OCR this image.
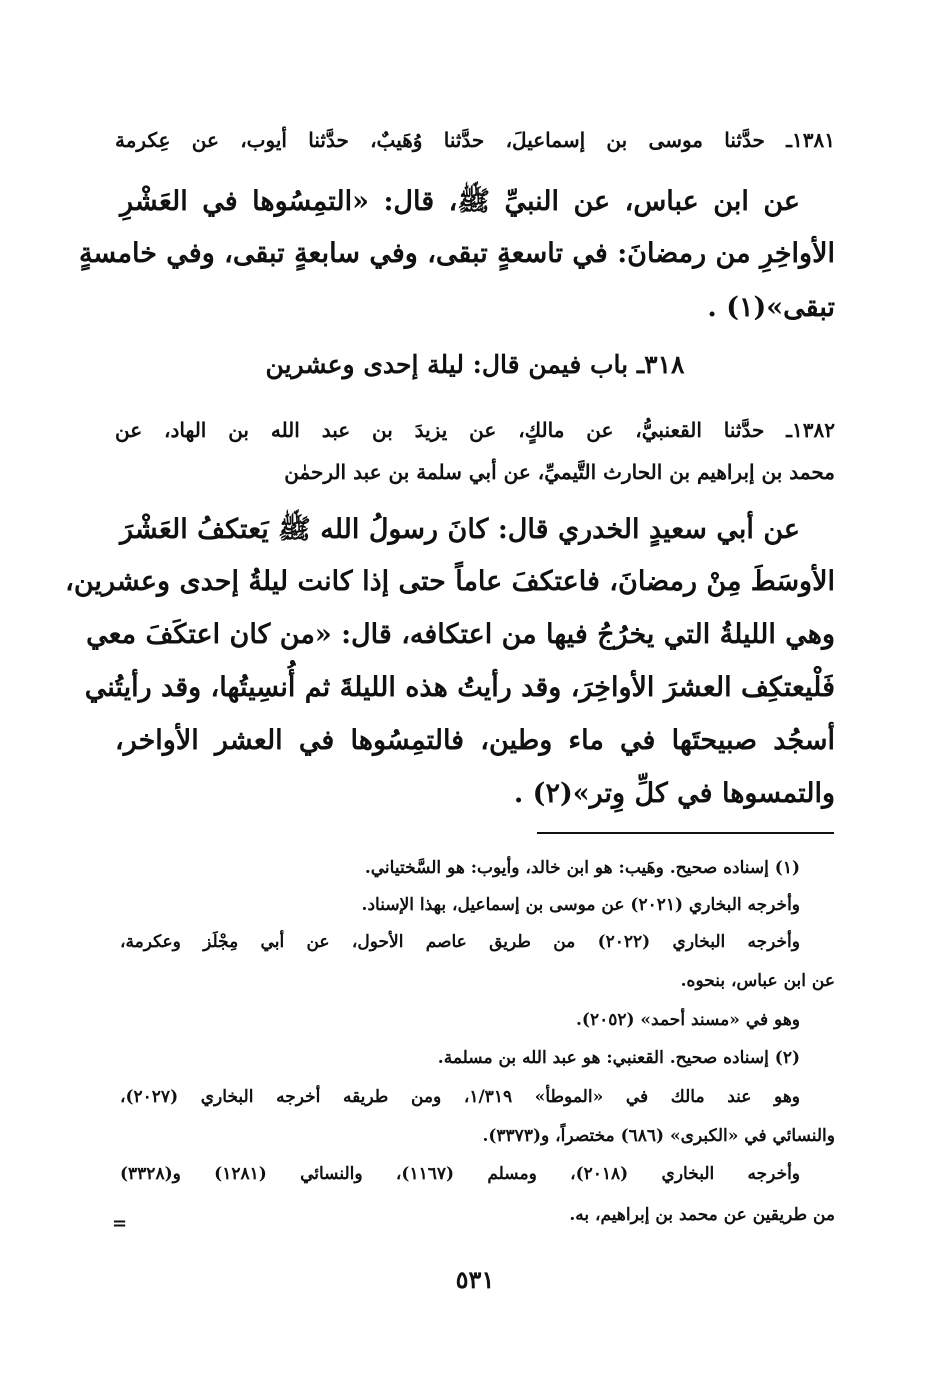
١٣٨١ـ حدَّثنا موسى بن إسماعيلَ، حدَّثنا وُهَيبٌ، حدَّثنا أيوب، عن عِكرمة
عن ابن عباس، عن النبيِّ ﷺ، قال: «التمِسُوها في العَشْرِ
الأواخِرِ من رمضانَ: في تاسعةٍ تبقى، وفي سابعةٍ تبقى، وفي خامسةٍ
تبقى»(١) .
٣١٨ـ باب فيمن قال: ليلة إحدى وعشرين
١٣٨٢ـ حدَّثنا القعنبيُّ، عن مالكٍ، عن يزيدَ بن عبد الله بن الهاد، عن
محمد بن إبراهيم بن الحارث التَّيميِّ، عن أبي سلمة بن عبد الرحمٰن
عن أبي سعيدٍ الخدري قال: كانَ رسولُ الله ﷺ يَعتكفُ العَشْرَ
الأوسَطَ مِنْ رمضانَ، فاعتكفَ عاماً حتى إذا كانت ليلةُ إحدى وعشرين،
وهي الليلةُ التي يخرُجُ فيها من اعتكافه، قال: «من كان اعتكَفَ معي
فَلْيعتكِف العشرَ الأواخِرَ، وقد رأيتُ هذه الليلةَ ثم أُنسِيتُها، وقد رأيتُني
أسجُد صبيحتَها في ماء وطين، فالتمِسُوها في العشر الأواخر،
والتمسوها في كلِّ وِتر»(٢) .
(١) إسناده صحيح. وهَيب: هو ابن خالد، وأيوب: هو السَّختياني.
وأخرجه البخاري (٢٠٢١) عن موسى بن إسماعيل، بهذا الإسناد.
وأخرجه البخاري (٢٠٢٢) من طريق عاصم الأحول، عن أبي مِجْلَز وعكرمة،
عن ابن عباس، بنحوه.
وهو في «مسند أحمد» (٢٠٥٢).
(٢) إسناده صحيح. القعنبي: هو عبد الله بن مسلمة.
وهو عند مالك في «الموطأ» ١/٣١٩، ومن طريقه أخرجه البخاري (٢٠٢٧)،
والنسائي في «الكبرى» (٦٨٦) مختصراً، و(٣٣٧٣).
وأخرجه البخاري (٢٠١٨)، ومسلم (١١٦٧)، والنسائي (١٢٨١) و(٣٣٢٨)
من طريقين عن محمد بن إبراهيم، به.
=
٥٣١
